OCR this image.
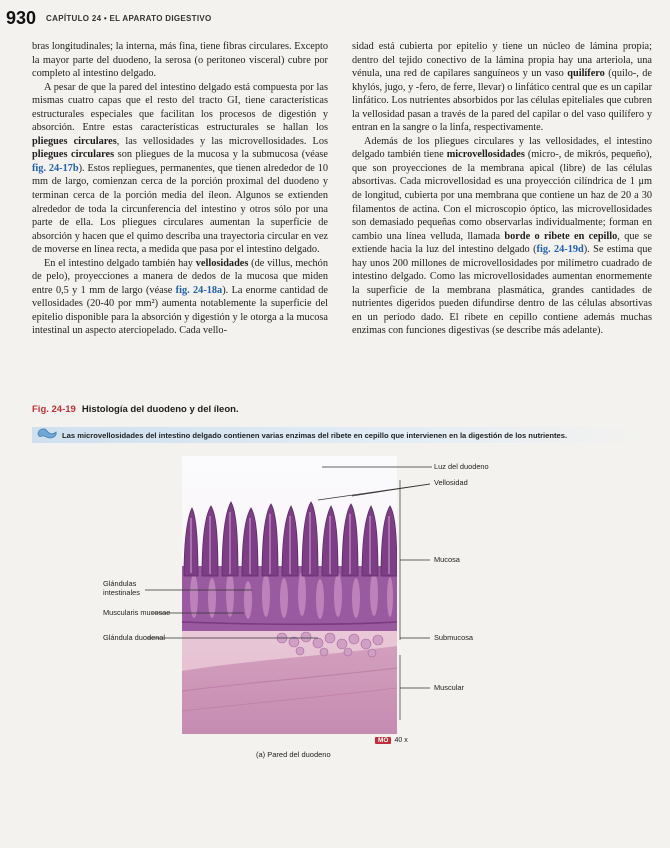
930 CAPÍTULO 24 • EL APARATO DIGESTIVO

bras longitudinales; la interna, más fina, tiene fibras circulares. Excepto la mayor parte del duodeno, la serosa (o peritoneo visceral) cubre por completo al intestino delgado.

A pesar de que la pared del intestino delgado está compuesta por las mismas cuatro capas que el resto del tracto GI, tiene características estructurales especiales que facilitan los procesos de digestión y absorción. Entre estas características estructurales se hallan los pliegues circulares, las vellosidades y las microvellosidades. Los pliegues circulares son pliegues de la mucosa y la submucosa (véase fig. 24-17b). Estos repliegues, permanentes, que tienen alrededor de 10 mm de largo, comienzan cerca de la porción proximal del duodeno y terminan cerca de la porción media del íleon. Algunos se extienden alrededor de toda la circunferencia del intestino y otros sólo por una parte de ella. Los pliegues circulares aumentan la superficie de absorción y hacen que el quimo describa una trayectoria circular en vez de moverse en línea recta, a medida que pasa por el intestino delgado.

En el intestino delgado también hay vellosidades (de villus, mechón de pelo), proyecciones a manera de dedos de la mucosa que miden entre 0,5 y 1 mm de largo (véase fig. 24-18a). La enorme cantidad de vellosidades (20-40 por mm²) aumenta notablemente la superficie del epitelio disponible para la absorción y digestión y le otorga a la mucosa intestinal un aspecto aterciopelado. Cada vello-

sidad está cubierta por epitelio y tiene un núcleo de lámina propia; dentro del tejido conectivo de la lámina propia hay una arteriola, una vénula, una red de capilares sanguíneos y un vaso quilífero (quilo-, de khylós, jugo, y -fero, de ferre, llevar) o linfático central que es un capilar linfático. Los nutrientes absorbidos por las células epiteliales que cubren la vellosidad pasan a través de la pared del capilar o del vaso quilífero y entran en la sangre o la linfa, respectivamente.

Además de los pliegues circulares y las vellosidades, el intestino delgado también tiene microvellosidades (micro-, de mikrós, pequeño), que son proyecciones de la membrana apical (libre) de las células absortivas. Cada microvellosidad es una proyección cilíndrica de 1 μm de longitud, cubierta por una membrana que contiene un haz de 20 a 30 filamentos de actina. Con el microscopio óptico, las microvellosidades son demasiado pequeñas como observarlas individualmente; forman en cambio una línea velluda, llamada borde o ribete en cepillo, que se extiende hacia la luz del intestino delgado (fig. 24-19d). Se estima que hay unos 200 millones de microvellosidades por milímetro cuadrado de intestino delgado. Como las microvellosidades aumentan enormemente la superficie de la membrana plasmática, grandes cantidades de nutrientes digeridos pueden difundirse dentro de las células absortivas en un período dado. El ribete en cepillo contiene además muchas enzimas con funciones digestivas (se describe más adelante).

Fig. 24-19 Histología del duodeno y del íleon.
Las microvellosidades del intestino delgado contienen varias enzimas del ribete en cepillo que intervienen en la digestión de los nutrientes.
Luz del duodeno
Vellosidad
Mucosa
Glándulas
intestinales
Muscularis mucosae
Glándula duodenal	Submucosa
Muscular
MO 40 x
(a) Pared del duodeno
